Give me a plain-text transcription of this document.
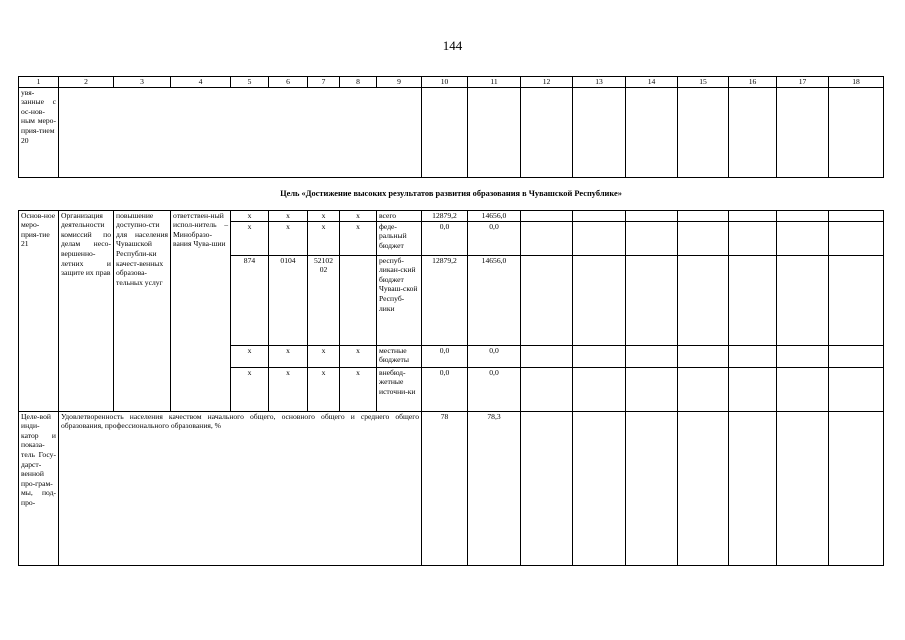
144
1	2	3	4	5	6	7	8	9	10	11	12	13	14	15	16	17	18
увя-занные с ос-нов-ным меро-прия-тием 20																	
Цель «Достижение высоких результатов развития образования в Чувашской Республике»																	
Основ-ное меро-прия-тие 21	Организация деятельности комиссий по делам несо-вершенно-летних и защите их прав	повышение доступно-сти для населения Чувашской Республи-ки качест-венных образова-тельных услуг	ответствен-ный испол-нитель – Минобразо-вания Чува-шии	х	х	х	х	всего	12879,2	14656,0							
				х	х	х	х	феде-ральный бюджет	0,0	0,0							
				874	0104	52102 02		респуб-ликан-ский бюджет Чуваш-ской Респуб-лики	12879,2	14656,0							
				х	х	х	х	местные бюджеты	0,0	0,0							
				х	х	х	х	внебюд-жетные источни-ки	0,0	0,0							
Целе-вой инди-катор и показа-тель Госу-дарст-венной про-грам-мы, под-про-	Удовлетворенность населения качеством начального общего, основного общего и среднего общего образования, профессионального образования, %								78	78,3							
